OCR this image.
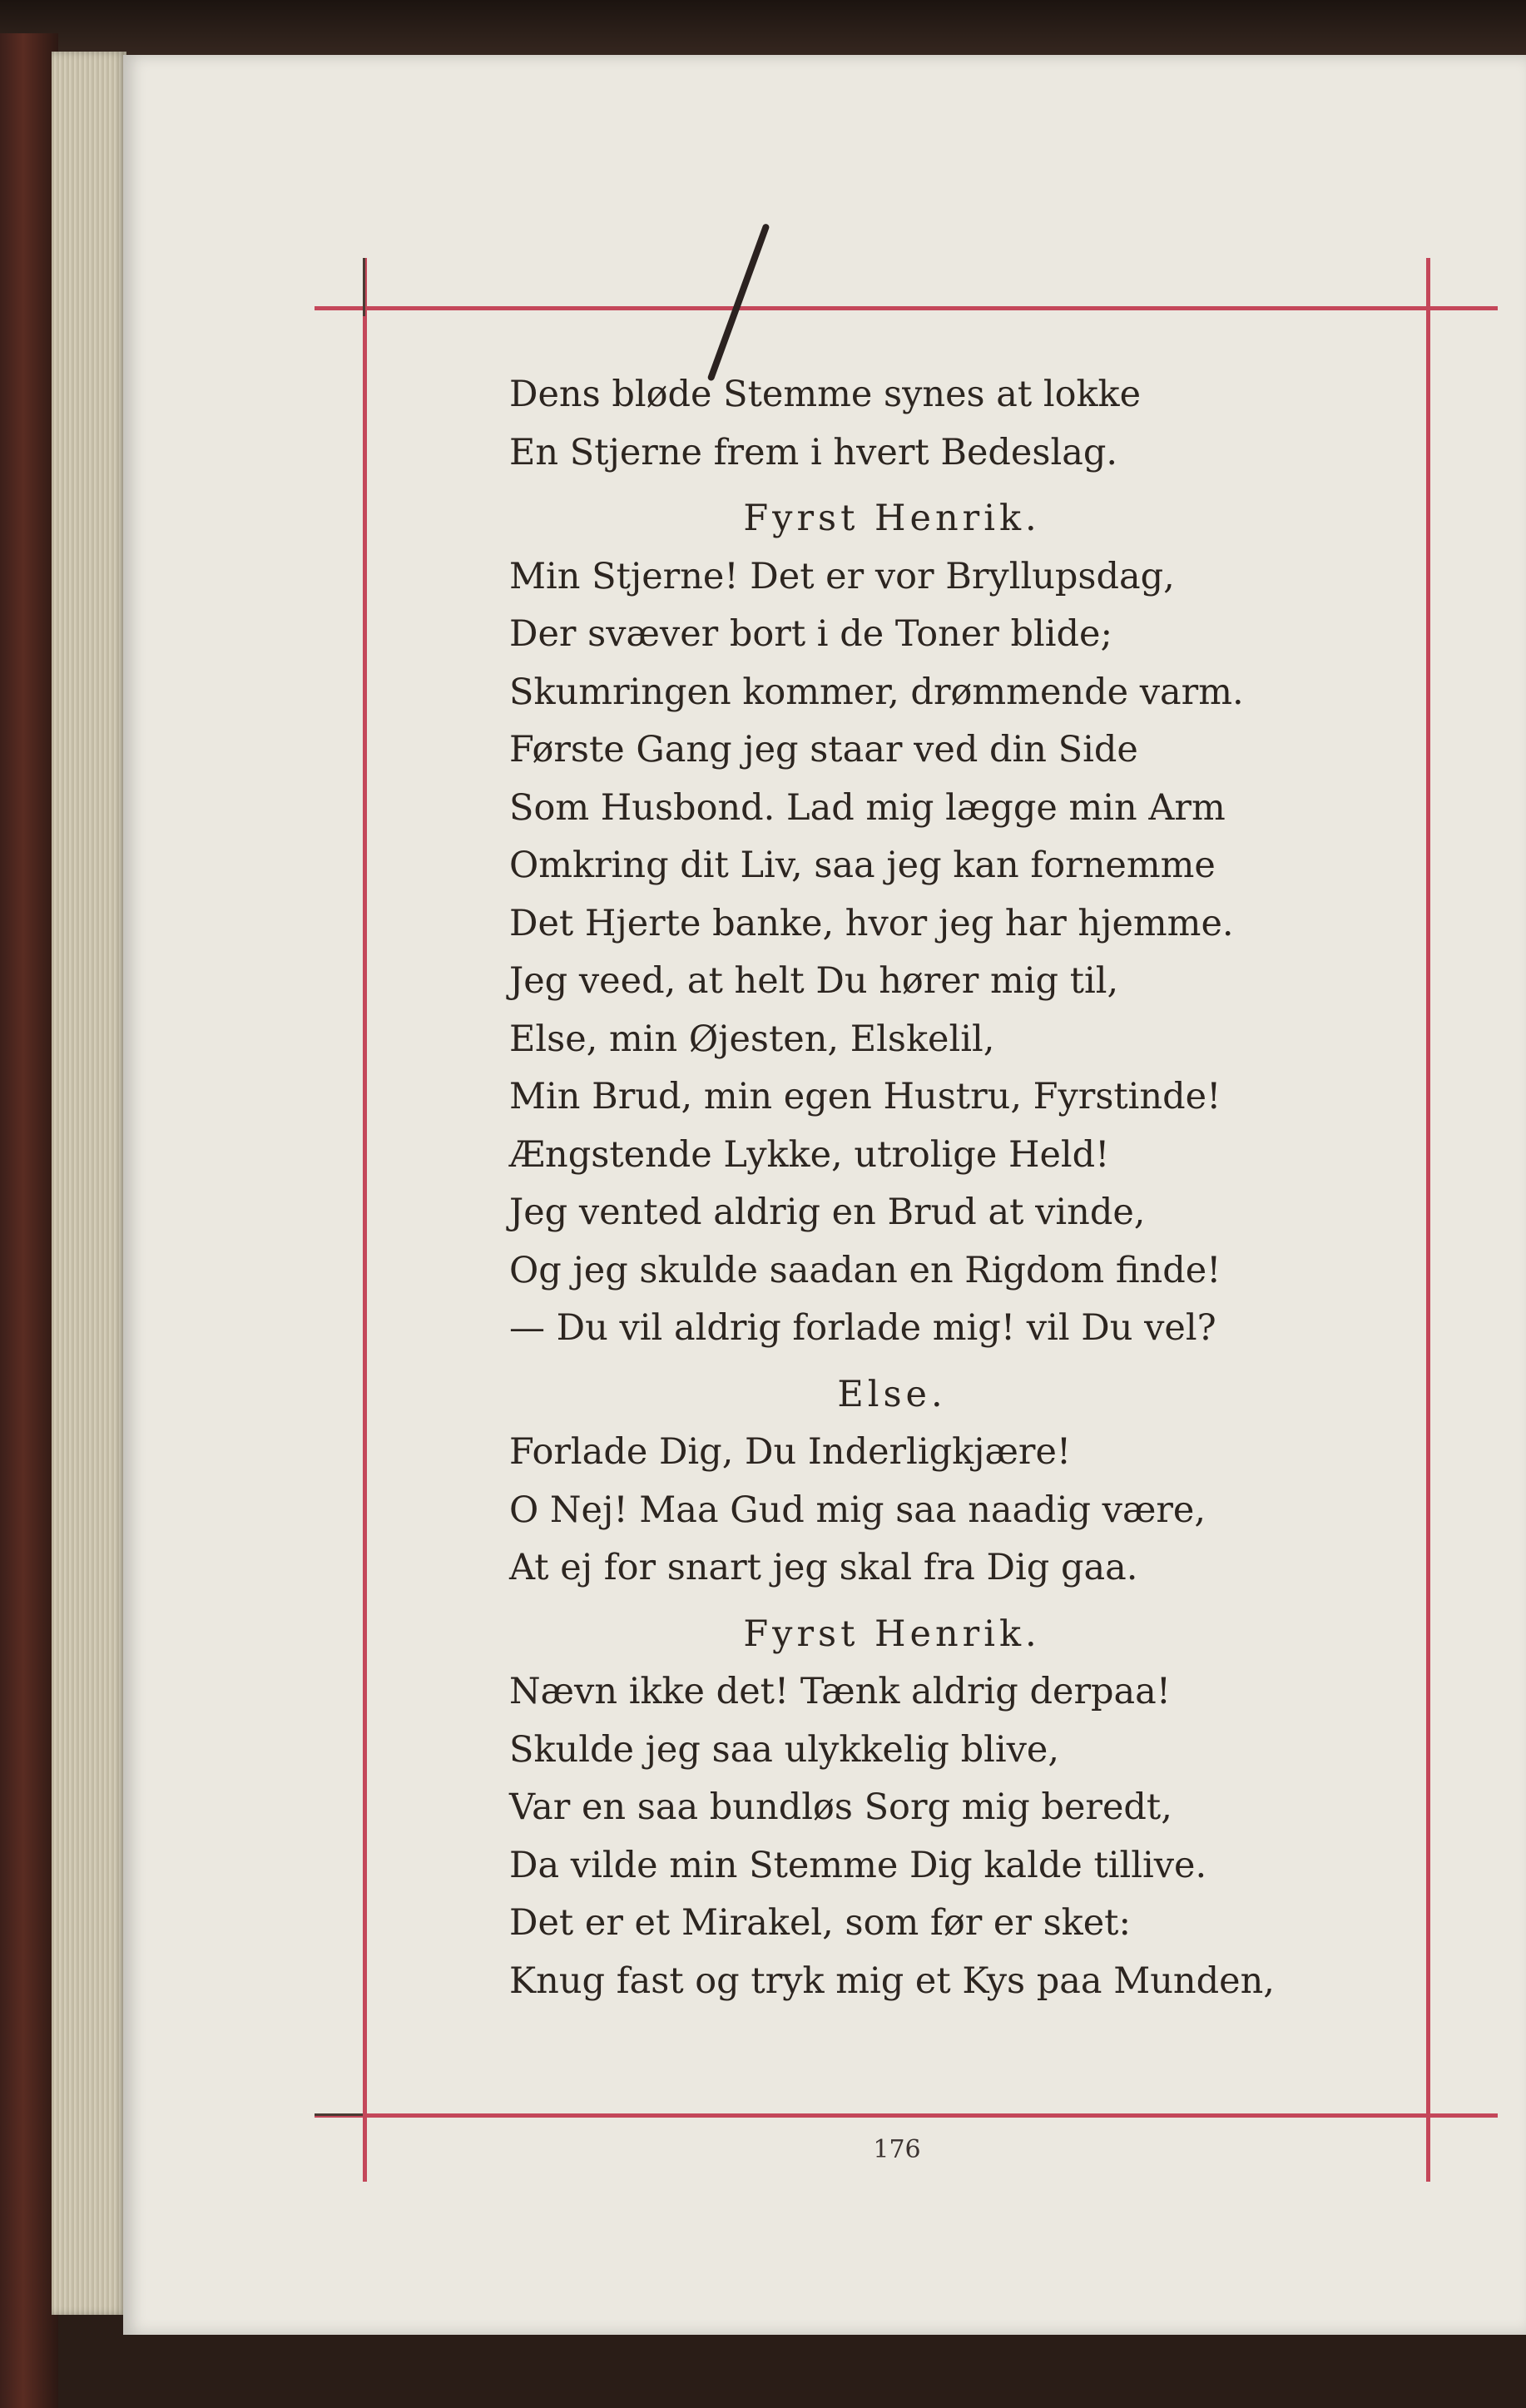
Dens bløde Stemme synes at lokke
En Stjerne frem i hvert Bedeslag.
Fyrst Henrik.
Min Stjerne! Det er vor Bryllupsdag,
Der svæver bort i de Toner blide;
Skumringen kommer, drømmende varm.
Første Gang jeg staar ved din Side
Som Husbond. Lad mig lægge min Arm
Omkring dit Liv, saa jeg kan fornemme
Det Hjerte banke, hvor jeg har hjemme.
Jeg veed, at helt Du hører mig til,
Else, min Øjesten, Elskelil,
Min Brud, min egen Hustru, Fyrstinde!
Ængstende Lykke, utrolige Held!
Jeg vented aldrig en Brud at vinde,
Og jeg skulde saadan en Rigdom finde!
— Du vil aldrig forlade mig! vil Du vel?
Else.
Forlade Dig, Du Inderligkjære!
O Nej! Maa Gud mig saa naadig være,
At ej for snart jeg skal fra Dig gaa.
Fyrst Henrik.
Nævn ikke det! Tænk aldrig derpaa!
Skulde jeg saa ulykkelig blive,
Var en saa bundløs Sorg mig beredt,
Da vilde min Stemme Dig kalde tillive.
Det er et Mirakel, som før er sket:
Knug fast og tryk mig et Kys paa Munden,
176
